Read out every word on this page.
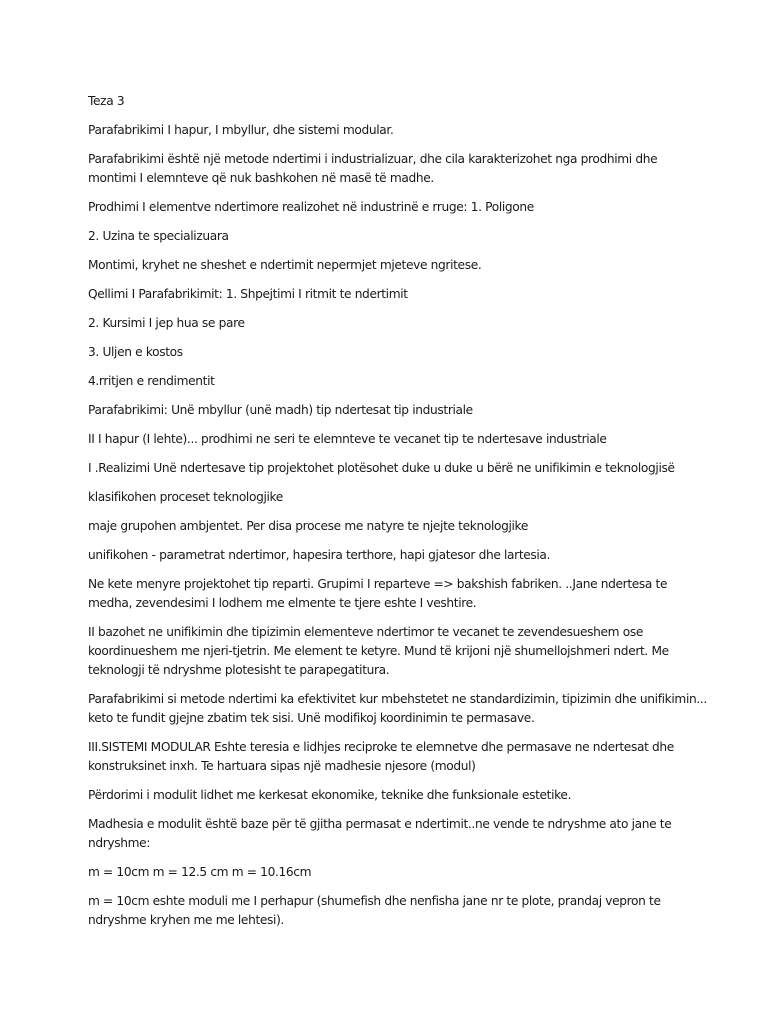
Teza 3

Parafabrikimi I hapur, I mbyllur, dhe sistemi modular.

Parafabrikimi është një metode ndertimi i industrializuar, dhe cila karakterizohet nga prodhimi dhe montimi I elemnteve që nuk bashkohen në masë të madhe.

Prodhimi I elementve ndertimore realizohet në industrinë e rruge: 1. Poligone

2. Uzina te specializuara

Montimi, kryhet ne sheshet e ndertimit nepermjet mjeteve ngritese.

Qellimi I Parafabrikimit: 1. Shpejtimi I ritmit te ndertimit

2. Kursimi I jep hua se pare

3. Uljen e kostos

4.rritjen e rendimentit

Parafabrikimi: Unë mbyllur (unë madh) tip ndertesat tip industriale

II I hapur (I lehte)... prodhimi ne seri te elemnteve te vecanet tip te ndertesave industriale

I .Realizimi Unë ndertesave tip projektohet plotësohet duke u duke u bërë ne unifikimin e teknologjisë

klasifikohen proceset teknologjike

maje grupohen ambjentet. Per disa procese me natyre te njejte teknologjike

unifikohen - parametrat ndertimor, hapesira terthore, hapi gjatesor dhe lartesia.

Ne kete menyre projektohet tip reparti. Grupimi I reparteve => bakshish fabriken. ..Jane ndertesa te medha, zevendesimi I lodhem me elmente te tjere eshte I veshtire.

II bazohet ne unifikimin dhe tipizimin elementeve ndertimor te vecanet te zevendesueshem ose koordinueshem me njeri-tjetrin. Me element te ketyre. Mund të krijoni një shumellojshmeri ndert. Me teknologji të ndryshme plotesisht te parapegatitura.

Parafabrikimi si metode ndertimi ka efektivitet kur mbehstetet ne standardizimin, tipizimin dhe unifikimin... keto te fundit gjejne zbatim tek sisi. Unë modifikoj koordinimin te permasave.

III.SISTEMI MODULAR Eshte teresia e lidhjes reciproke te elemnetve dhe permasave ne ndertesat dhe konstruksinet inxh. Te hartuara sipas një madhesie njesore (modul)

Përdorimi i modulit lidhet me kerkesat ekonomike, teknike dhe funksionale estetike.

Madhesia e modulit është baze për të gjitha permasat e ndertimit..ne vende te ndryshme ato jane te ndryshme:

m = 10cm m = 12.5 cm m = 10.16cm

m = 10cm eshte moduli me I perhapur (shumefish dhe nenfisha jane nr te plote, prandaj vepron te ndryshme kryhen me me lehtesi).
